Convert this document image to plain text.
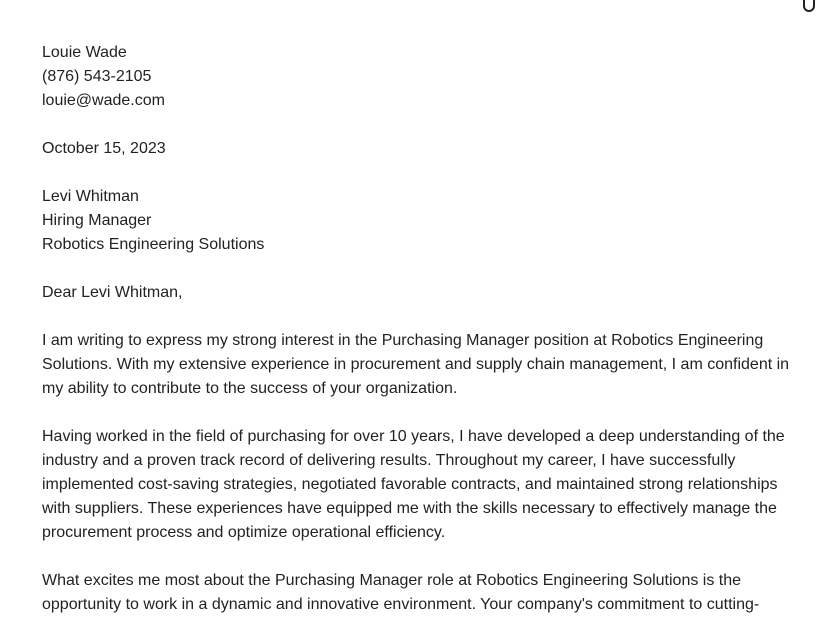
Louie Wade
(876) 543-2105
louie@wade.com
October 15, 2023
Levi Whitman
Hiring Manager
Robotics Engineering Solutions
Dear Levi Whitman,

I am writing to express my strong interest in the Purchasing Manager position at Robotics Engineering Solutions. With my extensive experience in procurement and supply chain management, I am confident in my ability to contribute to the success of your organization.

Having worked in the field of purchasing for over 10 years, I have developed a deep understanding of the industry and a proven track record of delivering results. Throughout my career, I have successfully implemented cost-saving strategies, negotiated favorable contracts, and maintained strong relationships with suppliers. These experiences have equipped me with the skills necessary to effectively manage the procurement process and optimize operational efficiency.

What excites me most about the Purchasing Manager role at Robotics Engineering Solutions is the opportunity to work in a dynamic and innovative environment. Your company's commitment to cutting-
